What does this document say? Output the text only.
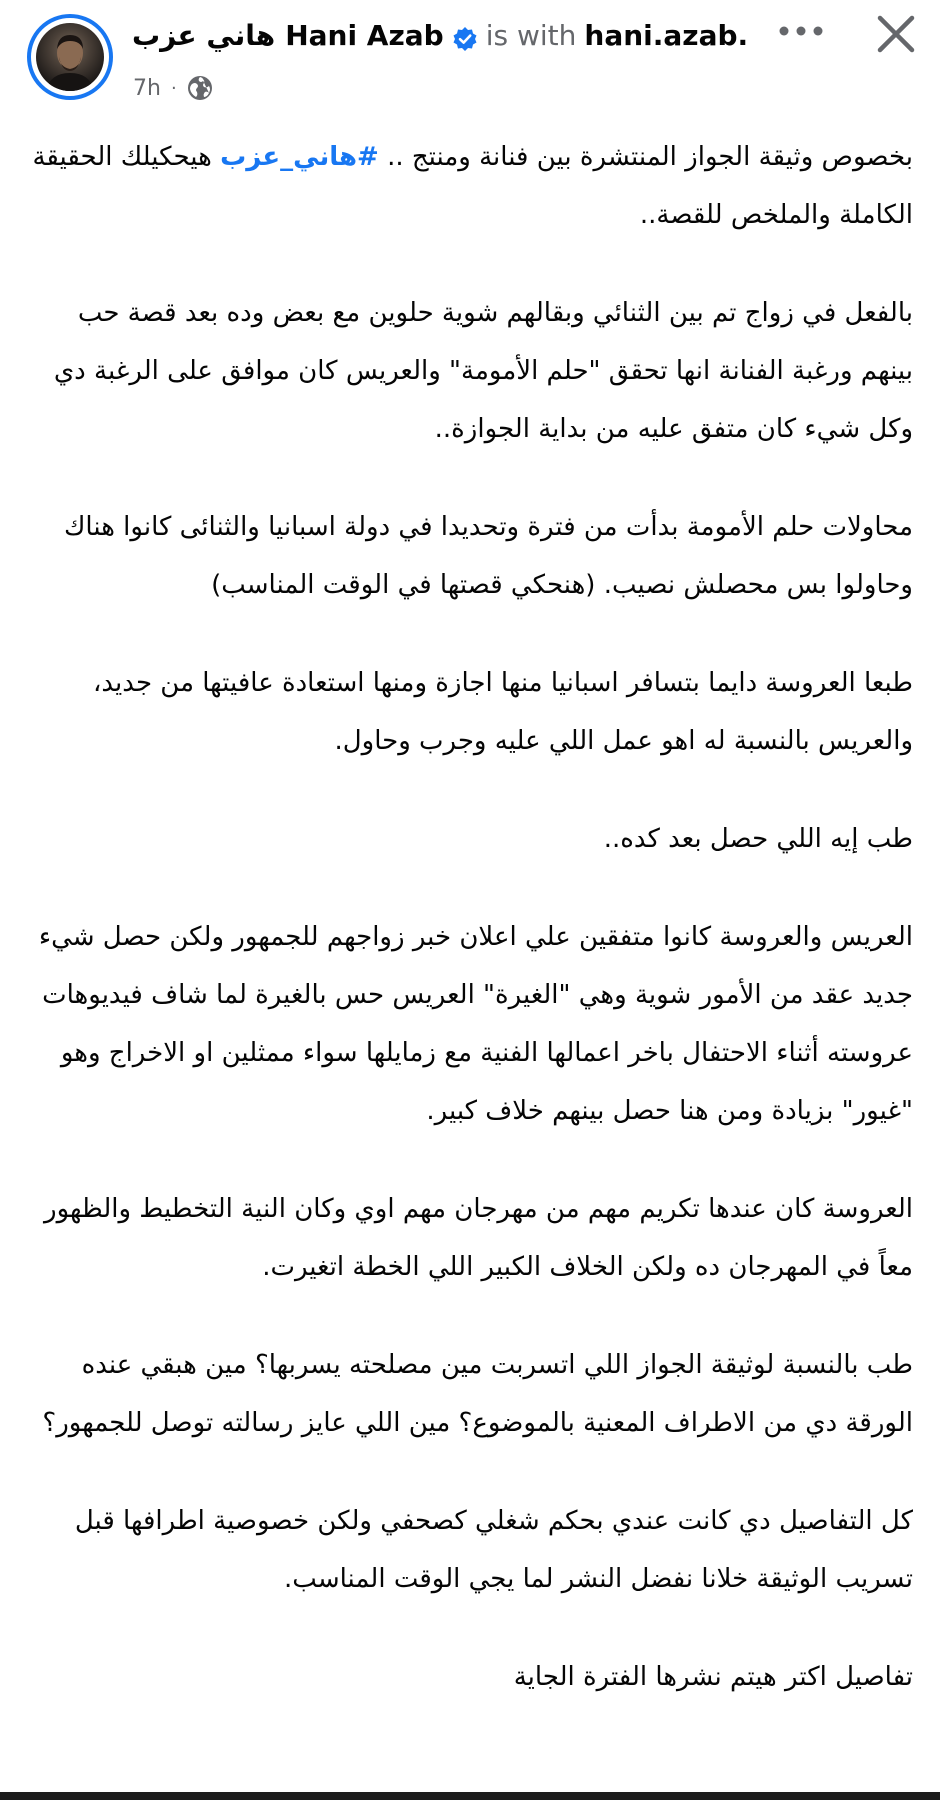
هاني عزب Hani Azab is with hani.azab.
7h ·

بخصوص وثيقة الجواز المنتشرة بين فنانة ومنتج .. #هاني_عزب هيحكيلك الحقيقة الكاملة والملخص للقصة..

بالفعل في زواج تم بين الثنائي وبقالهم شوية حلوين مع بعض وده بعد قصة حب بينهم ورغبة الفنانة انها تحقق "حلم الأمومة" والعريس كان موافق على الرغبة دي وكل شيء كان متفق عليه من بداية الجوازة..

محاولات حلم الأمومة بدأت من فترة وتحديدا في دولة اسبانيا والثنائى كانوا هناك وحاولوا بس محصلش نصيب. (هنحكي قصتها في الوقت المناسب)

طبعا العروسة دايما بتسافر اسبانيا منها اجازة ومنها استعادة عافيتها من جديد، والعريس بالنسبة له اهو عمل اللي عليه وجرب وحاول.

طب إيه اللي حصل بعد كده..

العريس والعروسة كانوا متفقين علي اعلان خبر زواجهم للجمهور ولكن حصل شيء جديد عقد من الأمور شوية وهي "الغيرة" العريس حس بالغيرة لما شاف فيديوهات عروسته أثناء الاحتفال باخر اعمالها الفنية مع زمايلها سواء ممثلين او الاخراج وهو "غيور" بزيادة ومن هنا حصل بينهم خلاف كبير.

العروسة كان عندها تكريم مهم من مهرجان مهم اوي وكان النية التخطيط والظهور معاً في المهرجان ده ولكن الخلاف الكبير اللي الخطة اتغيرت.

طب بالنسبة لوثيقة الجواز اللي اتسربت مين مصلحته يسربها؟ مين هبقي عنده الورقة دي من الاطراف المعنية بالموضوع؟ مين اللي عايز رسالته توصل للجمهور؟

كل التفاصيل دي كانت عندي بحكم شغلي كصحفي ولكن خصوصية اطرافها قبل تسريب الوثيقة خلانا نفضل النشر لما يجي الوقت المناسب.

تفاصيل اكتر هيتم نشرها الفترة الجاية
